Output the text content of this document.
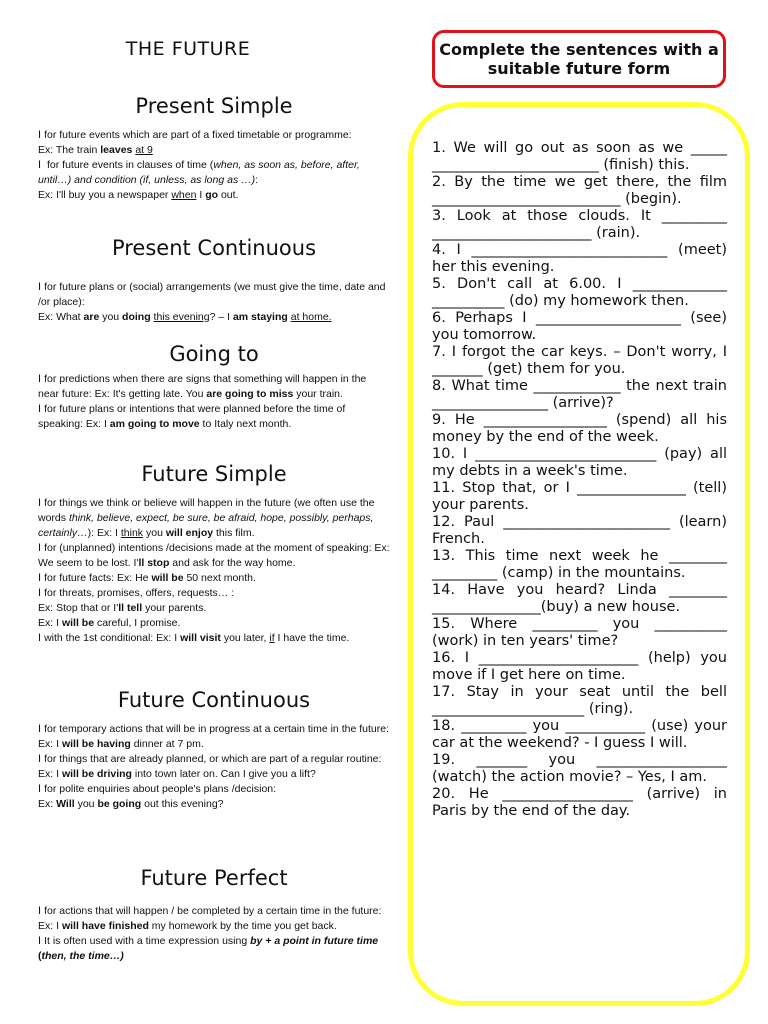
THE FUTURE
Present Simple

I for future events which are part of a fixed timetable or programme:

Ex: The train leaves at 9

I for future events in clauses of time (when, as soon as, before, after, until…) and condition (if, unless, as long as …):

Ex: I'll buy you a newspaper when I go out.

Present Continuous

I for future plans or (social) arrangements (we must give the time, date and /or place):

Ex: What are you doing this evening? – I am staying at home.

Going to

I for predictions when there are signs that something will happen in the near future: Ex: It's getting late. You are going to miss your train.

I for future plans or intentions that were planned before the time of speaking: Ex: I am going to move to Italy next month.

Future Simple

I for things we think or believe will happen in the future (we often use the words think, believe, expect, be sure, be afraid, hope, possibly, perhaps, certainly…): Ex: I think you will enjoy this film.

I for (unplanned) intentions /decisions made at the moment of speaking: Ex: We seem to be lost. I'll stop and ask for the way home.

I for future facts: Ex: He will be 50 next month.

I for threats, promises, offers, requests… :

Ex: Stop that or I'll tell your parents.

Ex: I will be careful, I promise.

I with the 1st conditional: Ex: I will visit you later, if I have the time.

Future Continuous

I for temporary actions that will be in progress at a certain time in the future:

Ex: I will be having dinner at 7 pm.

I for things that are already planned, or which are part of a regular routine:

Ex: I will be driving into town later on. Can I give you a lift?

I for polite enquiries about people's plans /decision:

Ex: Will you be going out this evening?

Future Perfect

I for actions that will happen / be completed by a certain time in the future:

Ex: I will have finished my homework by the time you get back.

I It is often used with a time expression using by + a point in future time (then, the time…)

Complete the sentences with a suitable future form

1. We will go out as soon as we _____ _______________________ (finish) this.

2. By the time we get there, the film __________________________ (begin).

3. Look at those clouds. It _________ ______________________ (rain).

4. I ___________________________ (meet) her this evening.

5. Don't call at 6.00. I _____________ __________ (do) my homework then.

6. Perhaps I ____________________ (see) you tomorrow.

7. I forgot the car keys. – Don't worry, I _______ (get) them for you.

8. What time ____________ the next train ________________ (arrive)?

9. He _________________ (spend) all his money by the end of the week.

10. I _________________________ (pay) all my debts in a week's time.

11. Stop that, or I _______________ (tell) your parents.

12. Paul _______________________ (learn) French.

13. This time next week he ________ _________ (camp) in the mountains.

14. Have you heard? Linda ________ _______________(buy) a new house.

15. Where _________ you __________ (work) in ten years' time?

16. I ______________________ (help) you move if I get here on time.

17. Stay in your seat until the bell _____________________ (ring).

18. _________ you ___________ (use) your car at the weekend? - I guess I will.

19. _______ you __________________ (watch) the action movie? – Yes, I am.

20. He __________________ (arrive) in Paris by the end of the day.
